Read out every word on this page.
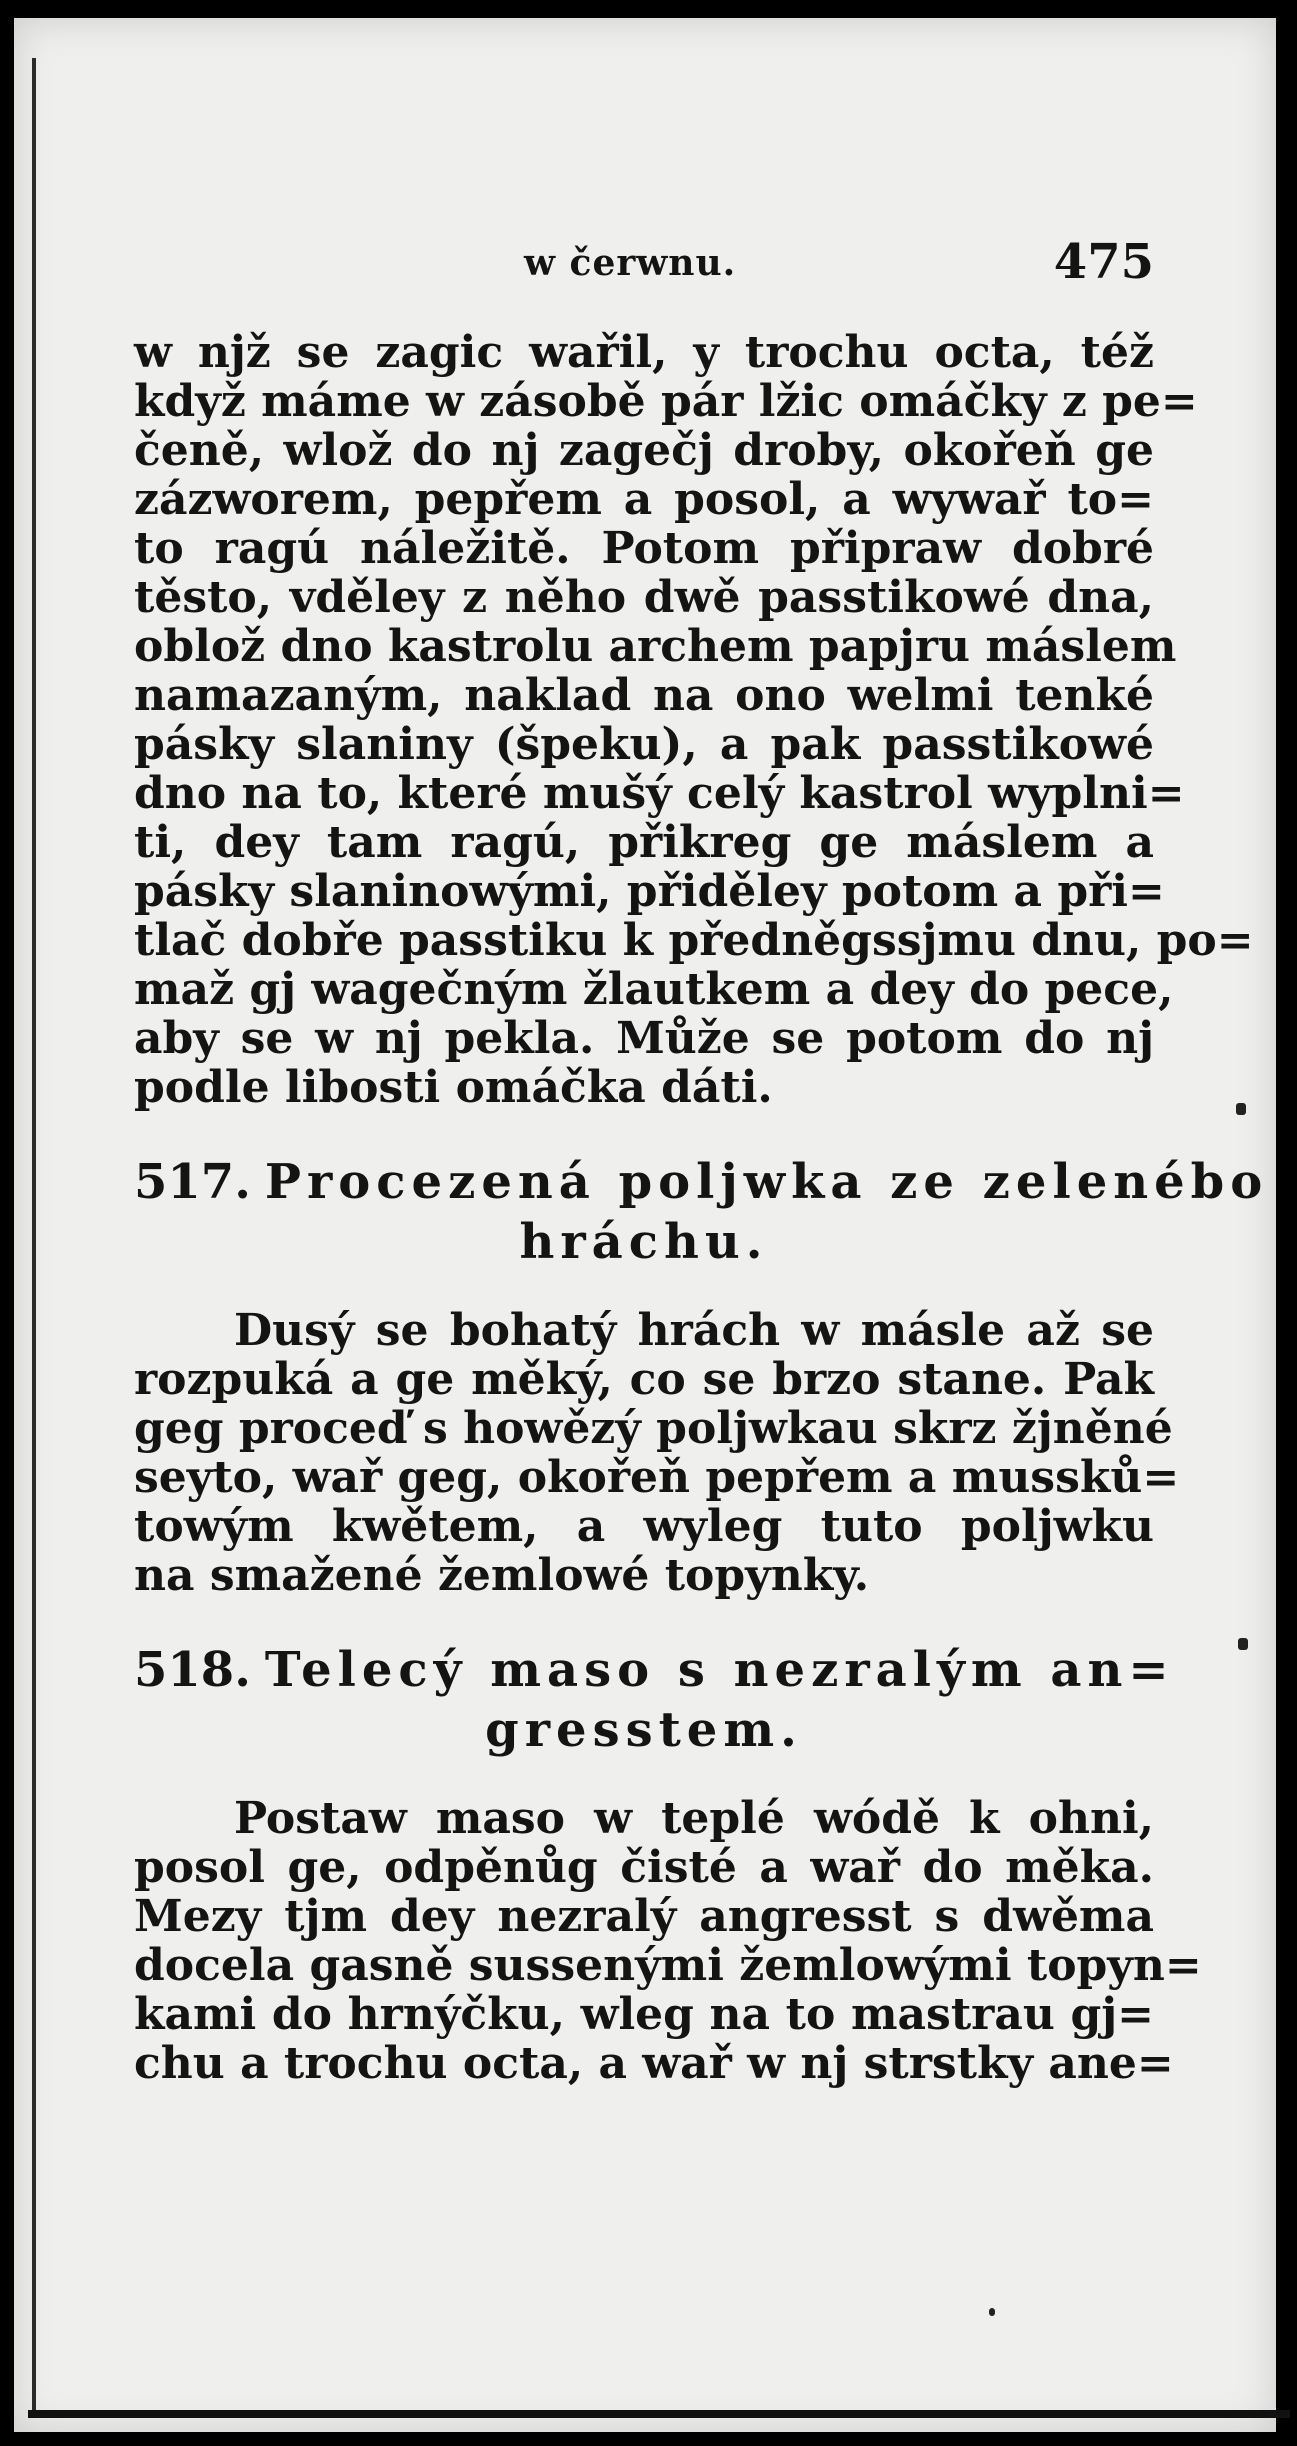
w čerwnu.	475
w njž se zagic wařil, y trochu octa, též
když máme w zásobě pár lžic omáčky z pe=
čeně, wlož do nj zagečj droby, okořeň ge
zázworem, pepřem a posol, a wywař to=
to ragú náležitě. Potom připraw dobré
těsto, vděley z něho dwě passtikowé dna,
oblož dno kastrolu archem papjru máslem
namazaným, naklad na ono welmi tenké
pásky slaniny (špeku), a pak passtikowé
dno na to, které mušý celý kastrol wyplni=
ti, dey tam ragú, přikreg ge máslem a
pásky slaninowými, přiděley potom a při=
tlač dobře passtiku k předněgssjmu dnu, po=
maž gj wagečným žlautkem a dey do pece,
aby se w nj pekla. Může se potom do nj
podle libosti omáčka dáti.
517. Procezená poljwka ze zelenébo
hráchu.
Dusý se bohatý hrách w másle až se
rozpuká a ge měký, co se brzo stane. Pak
geg proceď s howězý poljwkau skrz žjněné
seyto, wař geg, okořeň pepřem a mussků=
towým kwětem, a wyleg tuto poljwku
na smažené žemlowé topynky.
518. Telecý maso s nezralým an=
gresstem.
Postaw maso w teplé wódě k ohni,
posol ge, odpěnůg čisté a wař do měka.
Mezy tjm dey nezralý angresst s dwěma
docela gasně sussenými žemlowými topyn=
kami do hrnýčku, wleg na to mastrau gj=
chu a trochu octa, a wař w nj strstky ane=
